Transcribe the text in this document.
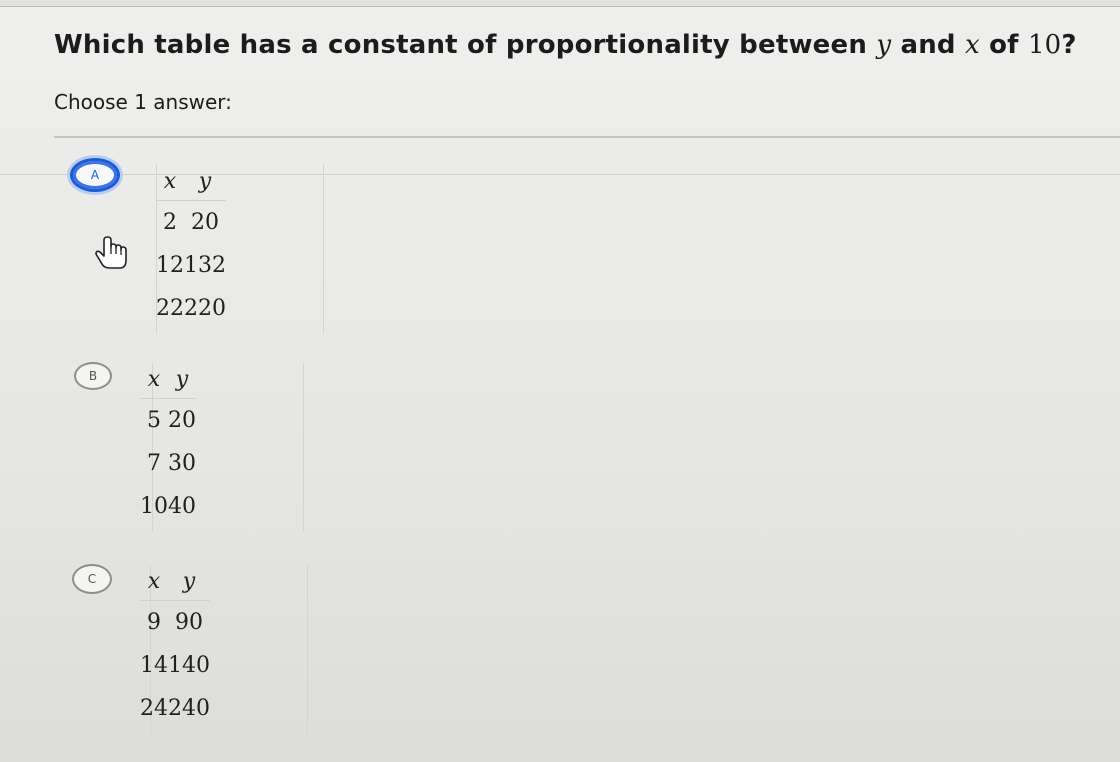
Which table has a constant of proportionality between y and x of 10?
Choose 1 answer:
A	x	y
2	20
12	132
22	220
B x	y
5	20
7	30
10	40
C x	y
9	90
14	140
24	240
